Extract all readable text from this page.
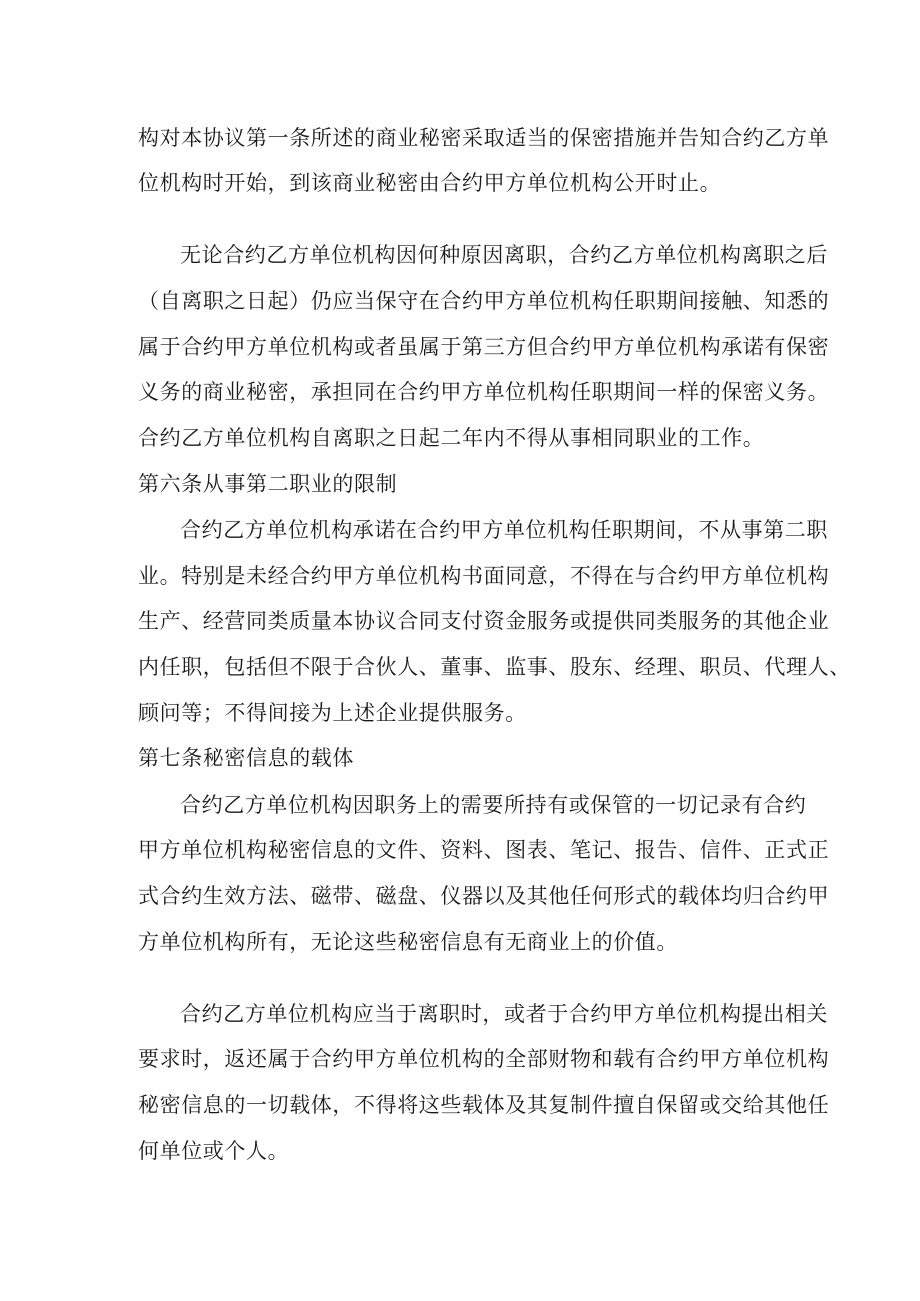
构对本协议第一条所述的商业秘密采取适当的保密措施并告知合约乙方单
位机构时开始，到该商业秘密由合约甲方单位机构公开时止。
无论合约乙方单位机构因何种原因离职，合约乙方单位机构离职之后
（自离职之日起）仍应当保守在合约甲方单位机构任职期间接触、知悉的
属于合约甲方单位机构或者虽属于第三方但合约甲方单位机构承诺有保密
义务的商业秘密，承担同在合约甲方单位机构任职期间一样的保密义务。
合约乙方单位机构自离职之日起二年内不得从事相同职业的工作。
第六条从事第二职业的限制
合约乙方单位机构承诺在合约甲方单位机构任职期间，不从事第二职
业。特别是未经合约甲方单位机构书面同意，不得在与合约甲方单位机构
生产、经营同类质量本协议合同支付资金服务或提供同类服务的其他企业
内任职，包括但不限于合伙人、董事、监事、股东、经理、职员、代理人、
顾问等；不得间接为上述企业提供服务。
第七条秘密信息的载体
合约乙方单位机构因职务上的需要所持有或保管的一切记录有合约
甲方单位机构秘密信息的文件、资料、图表、笔记、报告、信件、正式正
式合约生效方法、磁带、磁盘、仪器以及其他任何形式的载体均归合约甲
方单位机构所有，无论这些秘密信息有无商业上的价值。
合约乙方单位机构应当于离职时，或者于合约甲方单位机构提出相关
要求时，返还属于合约甲方单位机构的全部财物和载有合约甲方单位机构
秘密信息的一切载体，不得将这些载体及其复制件擅自保留或交给其他任
何单位或个人。
